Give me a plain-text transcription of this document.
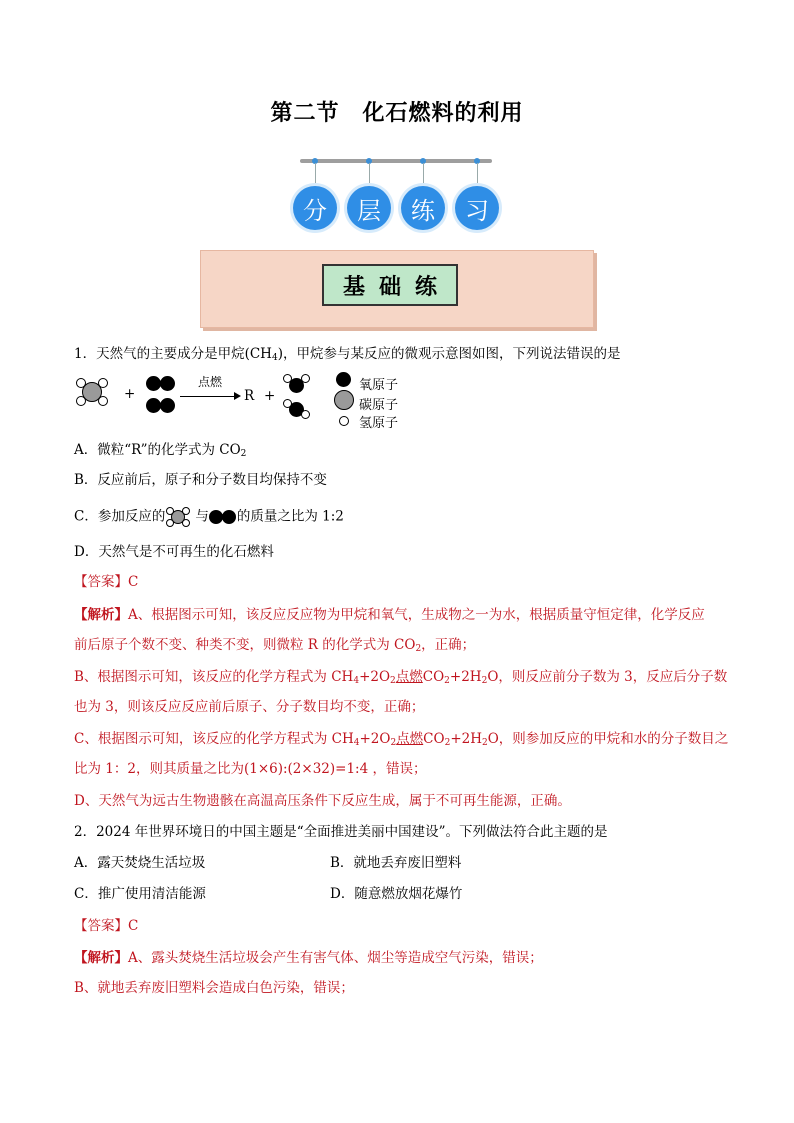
第二节　化石燃料的利用
分	层	练	习
基础练
1．天然气的主要成分是甲烷$(CH_4)$，甲烷参与某反应的微观示意图如图，下列说法错误的是
+
点燃
R +
氧原子
碳原子
氢原子
A．微粒“R”的化学式为 $CO_2$
B．反应前后，原子和分子数目均保持不变
C．参加反应的 与 的质量之比为 1:2
D．天然气是不可再生的化石燃料
【答案】C
【解析】A、根据图示可知，该反应反应物为甲烷和氧气，生成物之一为水，根据质量守恒定律，化学反应
前后原子个数不变、种类不变，则微粒 R 的化学式为 $CO_2$，正确；
B、根据图示可知，该反应的化学方程式为 $CH_4+2O_2$点燃$CO_2+2H_2O$，则反应前分子数为 3，反应后分子数
也为 3，则该反应反应前后原子、分子数目均不变，正确；
C、根据图示可知，该反应的化学方程式为 $CH_4+2O_2$点燃$CO_2+2H_2O$，则参加反应的甲烷和水的分子数目之
比为 1：2，则其质量之比为(1×6):(2×32)=1:4 ，错误；
D、天然气为远古生物遗骸在高温高压条件下反应生成，属于不可再生能源，正确。
2．2024 年世界环境日的中国主题是“全面推进美丽中国建设”。下列做法符合此主题的是
A．露天焚烧生活垃圾	B．就地丢弃废旧塑料
C．推广使用清洁能源	D．随意燃放烟花爆竹
【答案】C
【解析】A、露头焚烧生活垃圾会产生有害气体、烟尘等造成空气污染，错误；
B、就地丢弃废旧塑料会造成白色污染，错误；
